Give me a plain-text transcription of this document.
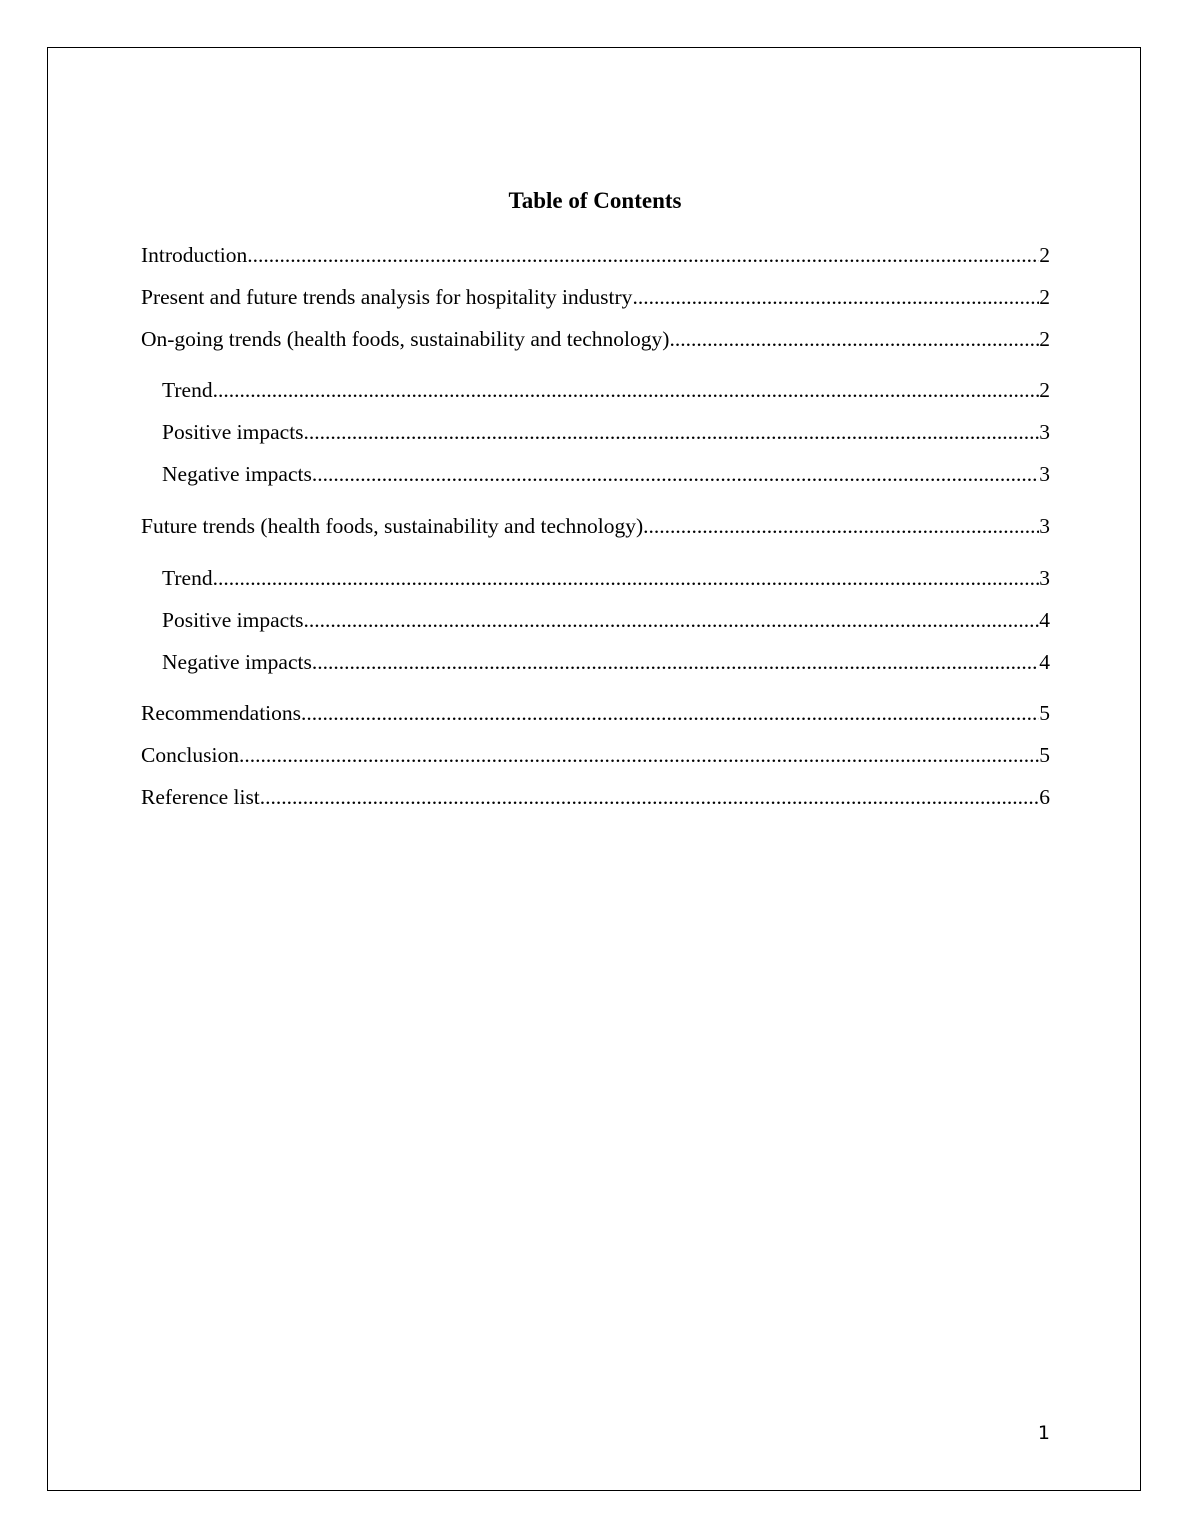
Table of Contents
Introduction .....	2
Present and future trends analysis for hospitality industry .....	2
On-going trends (health foods, sustainability and technology) .....	2
Trend .....	2
Positive impacts .....	3
Negative impacts .....	3
Future trends (health foods, sustainability and technology) .....	3
Trend .....	3
Positive impacts .....	4
Negative impacts .....	4
Recommendations .....	5
Conclusion .....	5
Reference list .....	6
1
